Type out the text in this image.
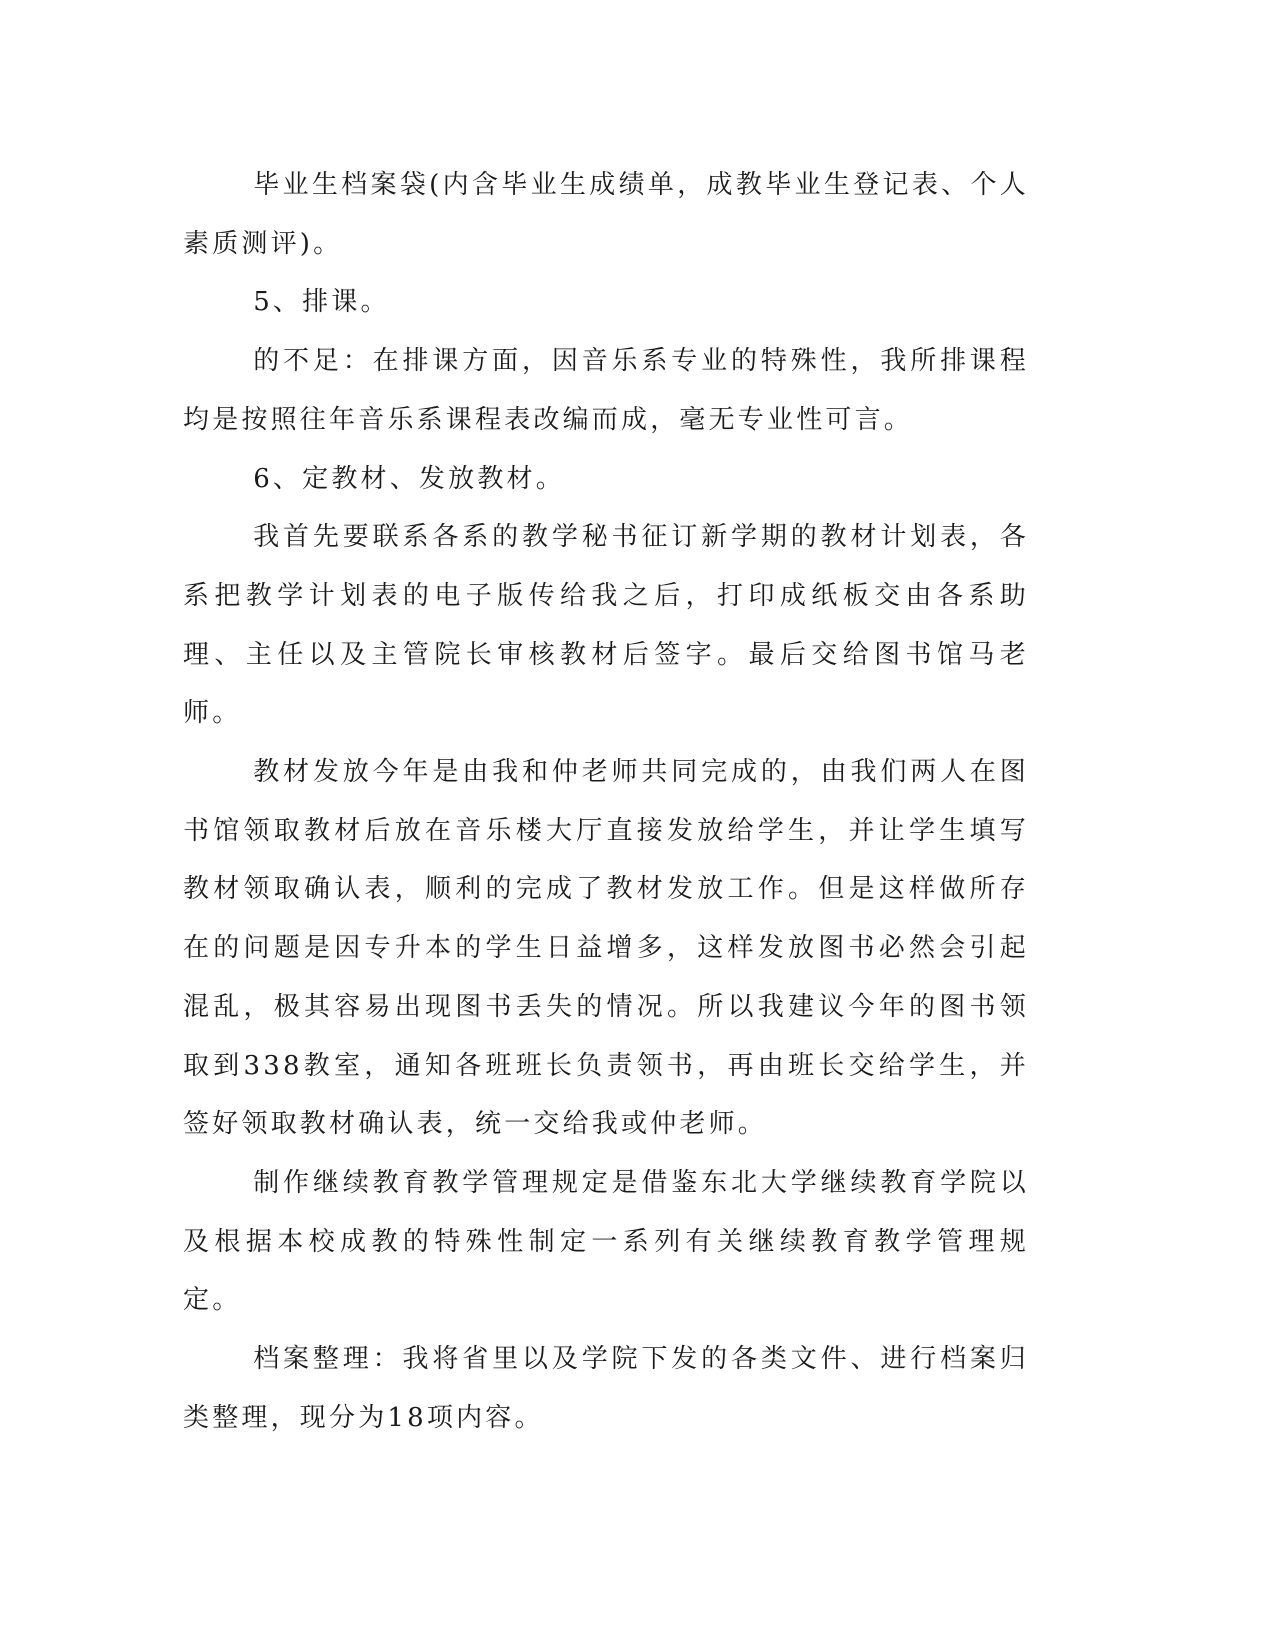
毕业生档案袋(内含毕业生成绩单，成教毕业生登记表、个人素质测评)。

5、排课。

的不足：在排课方面，因音乐系专业的特殊性，我所排课程均是按照往年音乐系课程表改编而成，毫无专业性可言。

6、定教材、发放教材。

我首先要联系各系的教学秘书征订新学期的教材计划表，各系把教学计划表的电子版传给我之后，打印成纸板交由各系助理、主任以及主管院长审核教材后签字。最后交给图书馆马老师。

教材发放今年是由我和仲老师共同完成的，由我们两人在图书馆领取教材后放在音乐楼大厅直接发放给学生，并让学生填写教材领取确认表，顺利的完成了教材发放工作。但是这样做所存在的问题是因专升本的学生日益增多，这样发放图书必然会引起混乱，极其容易出现图书丢失的情况。所以我建议今年的图书领取到338教室，通知各班班长负责领书，再由班长交给学生，并签好领取教材确认表，统一交给我或仲老师。

制作继续教育教学管理规定是借鉴东北大学继续教育学院以及根据本校成教的特殊性制定一系列有关继续教育教学管理规定。

档案整理：我将省里以及学院下发的各类文件、进行档案归类整理，现分为18项内容。
